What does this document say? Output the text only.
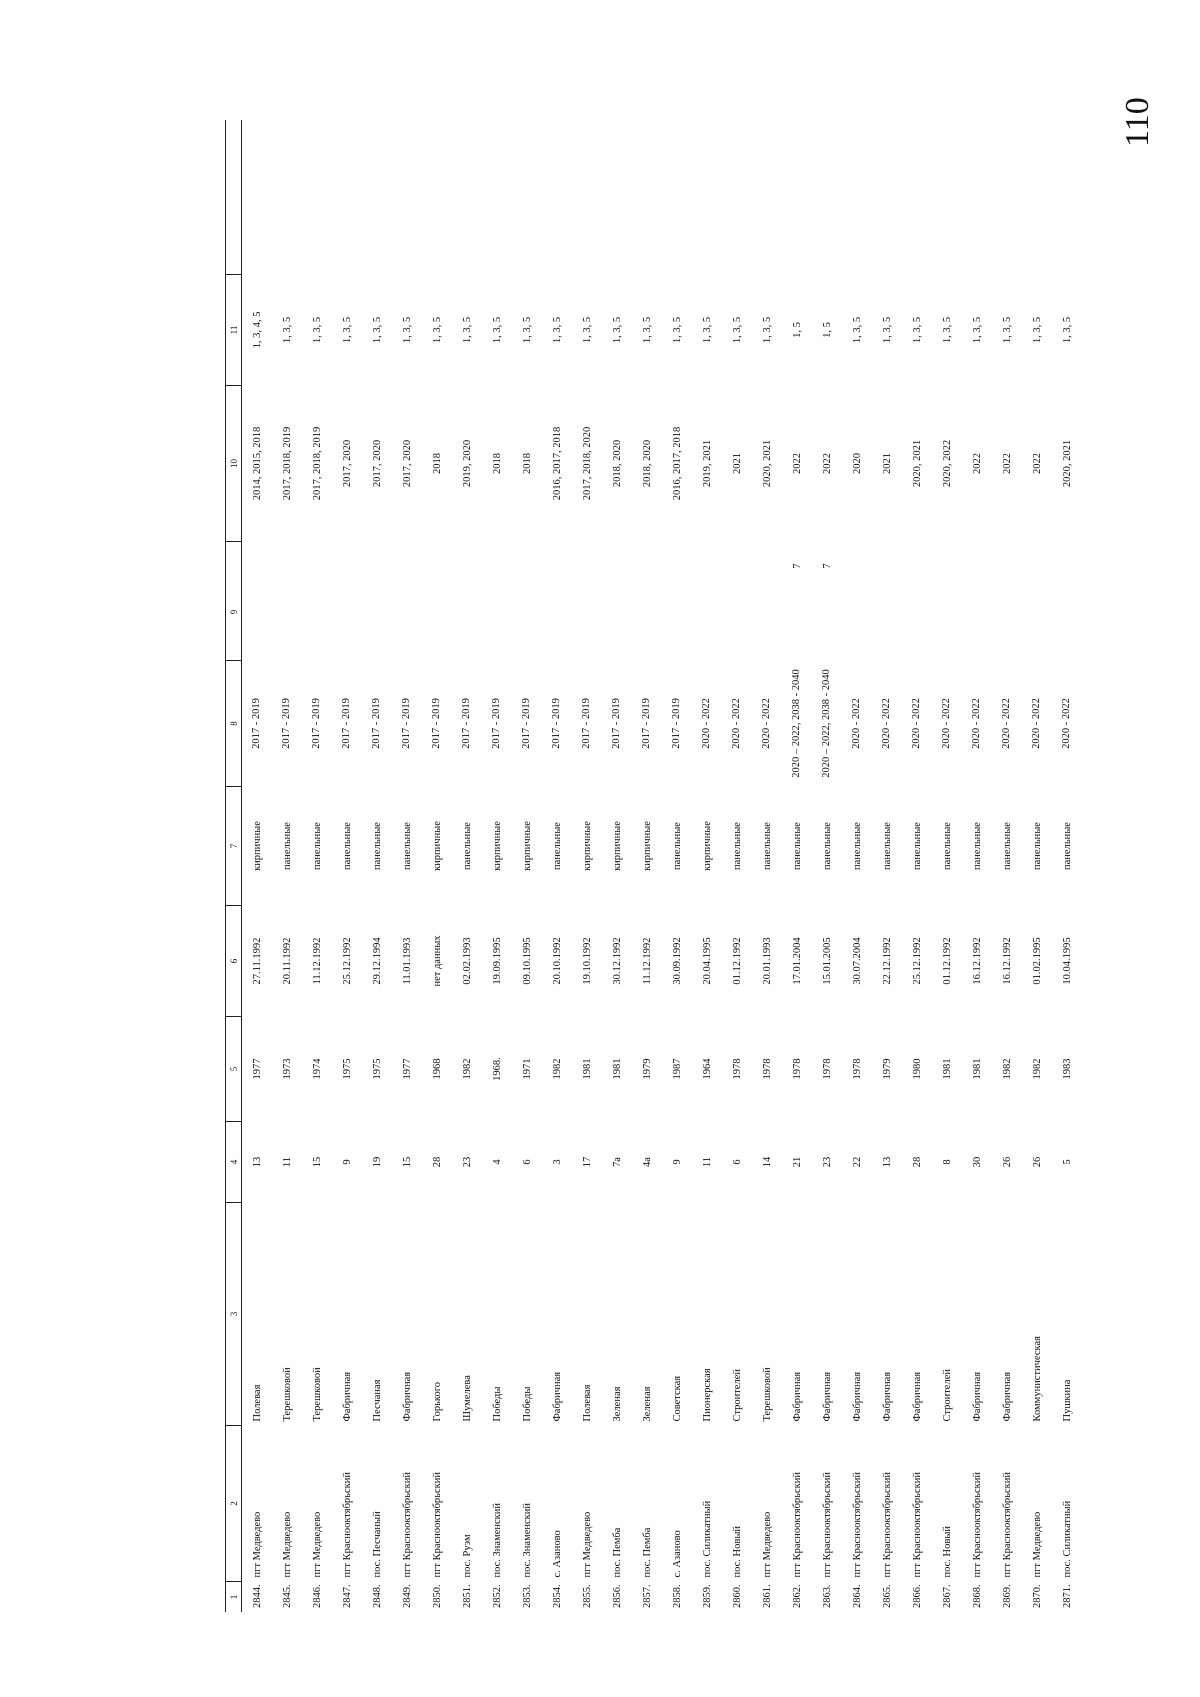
110
1	2	3	4	5	6	7	8	9	10	11	
2844.	пгт Медведево	Полевая	13	1977	27.11.1992	кирпичные	2017 - 2019		2014, 2015, 2018	1, 3, 4, 5	
2845.	пгт Медведево	Терешковой	11	1973	20.11.1992	панельные	2017 - 2019		2017, 2018, 2019	1, 3, 5	
2846.	пгт Медведево	Терешковой	15	1974	11.12.1992	панельные	2017 - 2019		2017, 2018, 2019	1, 3, 5	
2847.	пгт Краснооктябрьский	Фабричная	9	1975	25.12.1992	панельные	2017 - 2019		2017, 2020	1, 3, 5	
2848.	пос. Песчаный	Песчаная	19	1975	29.12.1994	панельные	2017 - 2019		2017, 2020	1, 3, 5	
2849.	пгт Краснооктябрьский	Фабричная	15	1977	11.01.1993	панельные	2017 - 2019		2017, 2020	1, 3, 5	
2850.	пгт Краснооктябрьский	Горького	28	1968	нет данных	кирпичные	2017 - 2019		2018	1, 3, 5	
2851.	пос. Руэм	Шумелева	23	1982	02.02.1993	панельные	2017 - 2019		2019, 2020	1, 3, 5	
2852.	пос. Знаменский	Победы	4	1968.	19.09.1995	кирпичные	2017 - 2019		2018	1, 3, 5	
2853.	пос. Знаменский	Победы	6	1971	09.10.1995	кирпичные	2017 - 2019		2018	1, 3, 5	
2854.	с. Азаново	Фабричная	3	1982	20.10.1992	панельные	2017 - 2019		2016, 2017, 2018	1, 3, 5	
2855.	пгт Медведево	Полевая	17	1981	19.10.1992	кирпичные	2017 - 2019		2017, 2018, 2020	1, 3, 5	
2856.	пос. Пемба	Зеленая	7а	1981	30.12.1992	кирпичные	2017 - 2019		2018, 2020	1, 3, 5	
2857.	пос. Пемба	Зеленая	4а	1979	11.12.1992	кирпичные	2017 - 2019		2018, 2020	1, 3, 5	
2858.	с. Азаново	Советская	9	1987	30.09.1992	панельные	2017 - 2019		2016, 2017, 2018	1, 3, 5	
2859.	пос. Силикатный	Пионерская	11	1964	20.04.1995	кирпичные	2020 - 2022		2019, 2021	1, 3, 5	
2860.	пос. Новый	Строителей	6	1978	01.12.1992	панельные	2020 - 2022		2021	1, 3, 5	
2861.	пгт Медведево	Терешковой	14	1978	20.01.1993	панельные	2020 - 2022		2020, 2021	1, 3, 5	
2862.	пгт Краснооктябрьский	Фабричная	21	1978	17.01.2004	панельные	2020 – 2022, 2038 - 2040	7	2022	1, 5	
2863.	пгт Краснооктябрьский	Фабричная	23	1978	15.01.2005	панельные	2020 – 2022, 2038 - 2040	7	2022	1, 5	
2864.	пгт Краснооктябрьский	Фабричная	22	1978	30.07.2004	панельные	2020 - 2022		2020	1, 3, 5	
2865.	пгт Краснооктябрьский	Фабричная	13	1979	22.12.1992	панельные	2020 - 2022		2021	1, 3, 5	
2866.	пгт Краснооктябрьский	Фабричная	28	1980	25.12.1992	панельные	2020 - 2022		2020, 2021	1, 3, 5	
2867.	пос. Новый	Строителей	8	1981	01.12.1992	панельные	2020 - 2022		2020, 2022	1, 3, 5	
2868.	пгт Краснооктябрьский	Фабричная	30	1981	16.12.1992	панельные	2020 - 2022		2022	1, 3, 5	
2869.	пгт Краснооктябрьский	Фабричная	26	1982	16.12.1992	панельные	2020 - 2022		2022	1, 3, 5	
2870.	пгт Медведево	Коммунистическая	26	1982	01.02.1995	панельные	2020 - 2022		2022	1, 3, 5	
2871.	пос. Силикатный	Пушкина	5	1983	10.04.1995	панельные	2020 - 2022		2020, 2021	1, 3, 5	
